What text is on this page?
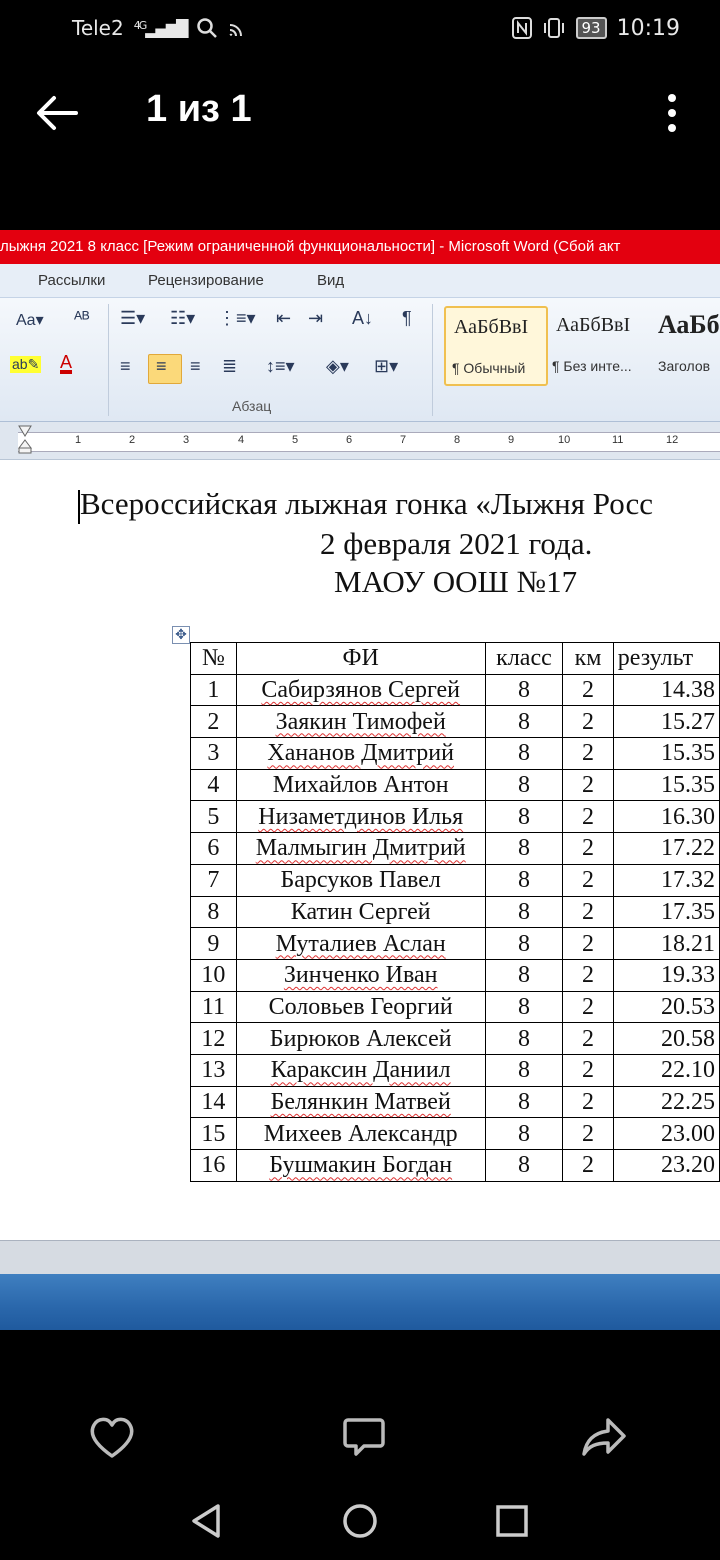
Tele2 $^{4G}$▂▄▆█	93 10:19
1 из 1
лыжня 2021 8 класс [Режим ограниченной функциональности] - Microsoft Word (Сбой акт
Рассылки	Рецензирование	Вид
Aa▾ ᴬᴮ
ab✎ A
☰▾ ☷▾ ⋮≡▾ ⇤ ⇥ A↓ ¶
≡ ≡ ≡ ≣ ↕≡▾ ◈▾ ⊞▾
Абзац
АаБбВвI
¶ Обычный
АаБбВвI
¶ Без инте...
АаБб
Заголов
1	2	3	4	5	6	7	8	9	10	11	12
Всероссийская лыжная гонка «Лыжня Росс
2 февраля 2021 года.
МАОУ ООШ №17
✥
№	ФИ	класс	км	результ
1	Сабирзянов Сергей	8	2	14.38
2	Заякин Тимофей	8	2	15.27
3	Хананов Дмитрий	8	2	15.35
4	Михайлов Антон	8	2	15.35
5	Низаметдинов Илья	8	2	16.30
6	Малмыгин Дмитрий	8	2	17.22
7	Барсуков Павел	8	2	17.32
8	Катин Сергей	8	2	17.35
9	Муталиев Аслан	8	2	18.21
10	Зинченко Иван	8	2	19.33
11	Соловьев Георгий	8	2	20.53
12	Бирюков Алексей	8	2	20.58
13	Караксин Даниил	8	2	22.10
14	Белянкин Матвей	8	2	22.25
15	Михеев Александр	8	2	23.00
16	Бушмакин Богдан	8	2	23.20
